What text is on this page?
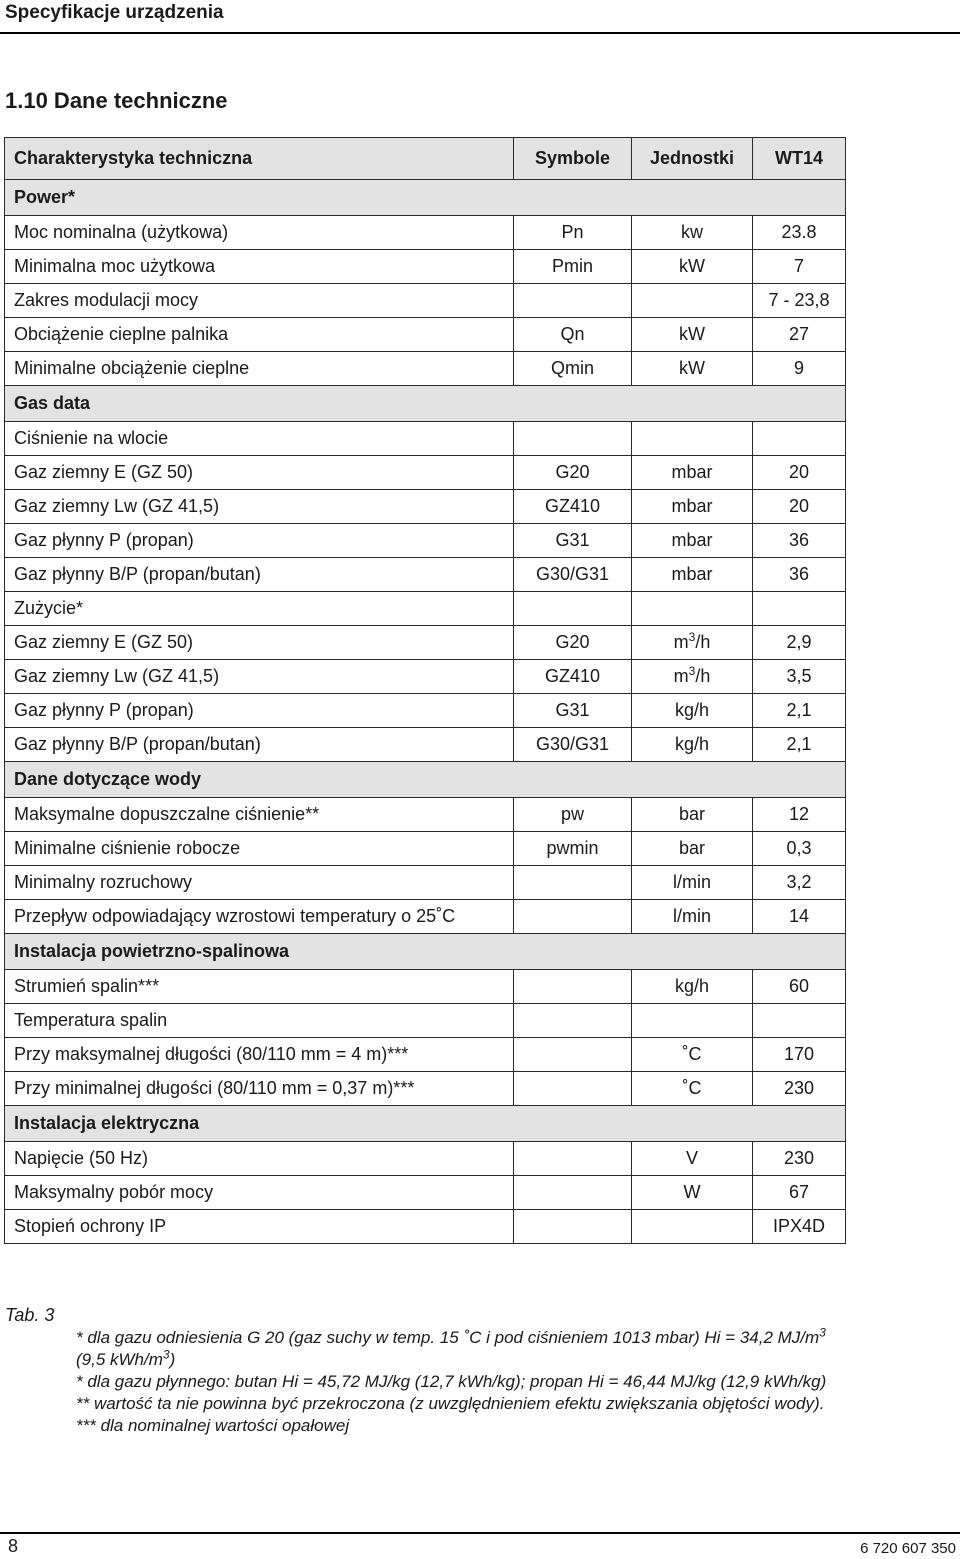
Specyfikacje urządzenia
1.10 Dane techniczne
Charakterystyka techniczna	Symbole	Jednostki	WT14
Power*			
Moc nominalna (użytkowa)	Pn	kw	23.8
Minimalna moc użytkowa	Pmin	kW	7
Zakres modulacji mocy			7 - 23,8
Obciążenie cieplne palnika	Qn	kW	27
Minimalne obciążenie cieplne	Qmin	kW	9
Gas data			
Ciśnienie na wlocie			
Gaz ziemny E (GZ 50)	G20	mbar	20
Gaz ziemny Lw (GZ 41,5)	GZ410	mbar	20
Gaz płynny P (propan)	G31	mbar	36
Gaz płynny B/P (propan/butan)	G30/G31	mbar	36
Zużycie*			
Gaz ziemny E (GZ 50)	G20	$m^3/h$	2,9
Gaz ziemny Lw (GZ 41,5)	GZ410	$m^3/h$	3,5
Gaz płynny P (propan)	G31	kg/h	2,1
Gaz płynny B/P (propan/butan)	G30/G31	kg/h	2,1
Dane dotyczące wody			
Maksymalne dopuszczalne ciśnienie**	pw	bar	12
Minimalne ciśnienie robocze	pwmin	bar	0,3
Minimalny rozruchowy		l/min	3,2
Przepływ odpowiadający wzrostowi temperatury o 25˚C		l/min	14
Instalacja powietrzno-spalinowa			
Strumień spalin***		kg/h	60
Temperatura spalin			
Przy maksymalnej długości (80/110 mm = 4 m)***		˚C	170
Przy minimalnej długości (80/110 mm = 0,37 m)***		˚C	230
Instalacja elektryczna			
Napięcie (50 Hz)		V	230
Maksymalny pobór mocy		W	67
Stopień ochrony IP			IPX4D
Tab. 3
* dla gazu odniesienia G 20 (gaz suchy w temp. 15 ˚C i pod ciśnieniem 1013 mbar) Hi = 34,2 $MJ/m^3$
(9,5 kWh/$m^3$)
* dla gazu płynnego: butan Hi = 45,72 MJ/kg (12,7 kWh/kg); propan Hi = 46,44 MJ/kg (12,9 kWh/kg)
** wartość ta nie powinna być przekroczona (z uwzględnieniem efektu zwiększania objętości wody).
*** dla nominalnej wartości opałowej
8	6 720 607 350
